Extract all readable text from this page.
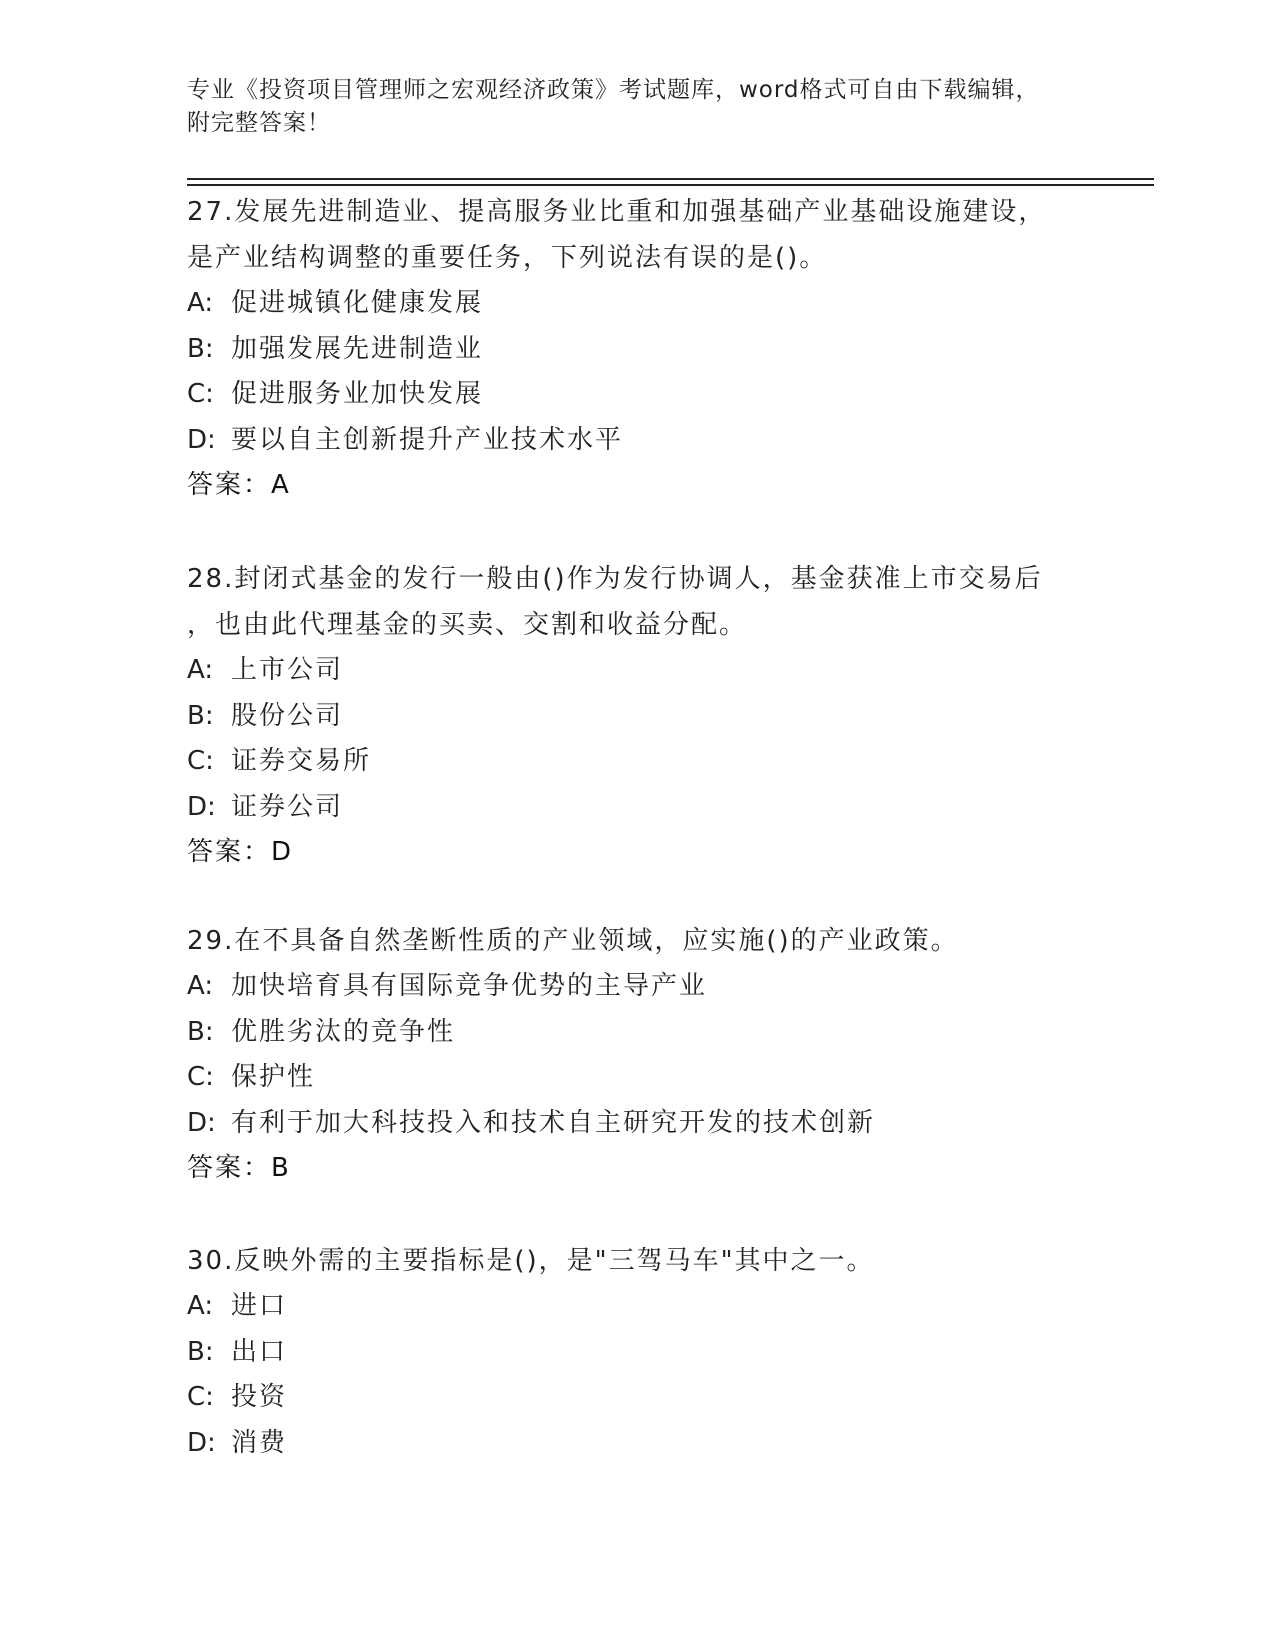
专业《投资项目管理师之宏观经济政策》考试题库，word格式可自由下载编辑，
附完整答案！
27.发展先进制造业、提高服务业比重和加强基础产业基础设施建设，
是产业结构调整的重要任务，下列说法有误的是()。
A: 促进城镇化健康发展
B: 加强发展先进制造业
C: 促进服务业加快发展
D: 要以自主创新提升产业技术水平
答案：A
28.封闭式基金的发行一般由()作为发行协调人，基金获准上市交易后
，也由此代理基金的买卖、交割和收益分配。
A: 上市公司
B: 股份公司
C: 证券交易所
D: 证券公司
答案：D
29.在不具备自然垄断性质的产业领域，应实施()的产业政策。
A: 加快培育具有国际竞争优势的主导产业
B: 优胜劣汰的竞争性
C: 保护性
D: 有利于加大科技投入和技术自主研究开发的技术创新
答案：B
30.反映外需的主要指标是()，是"三驾马车"其中之一。
A: 进口
B: 出口
C: 投资
D: 消费
